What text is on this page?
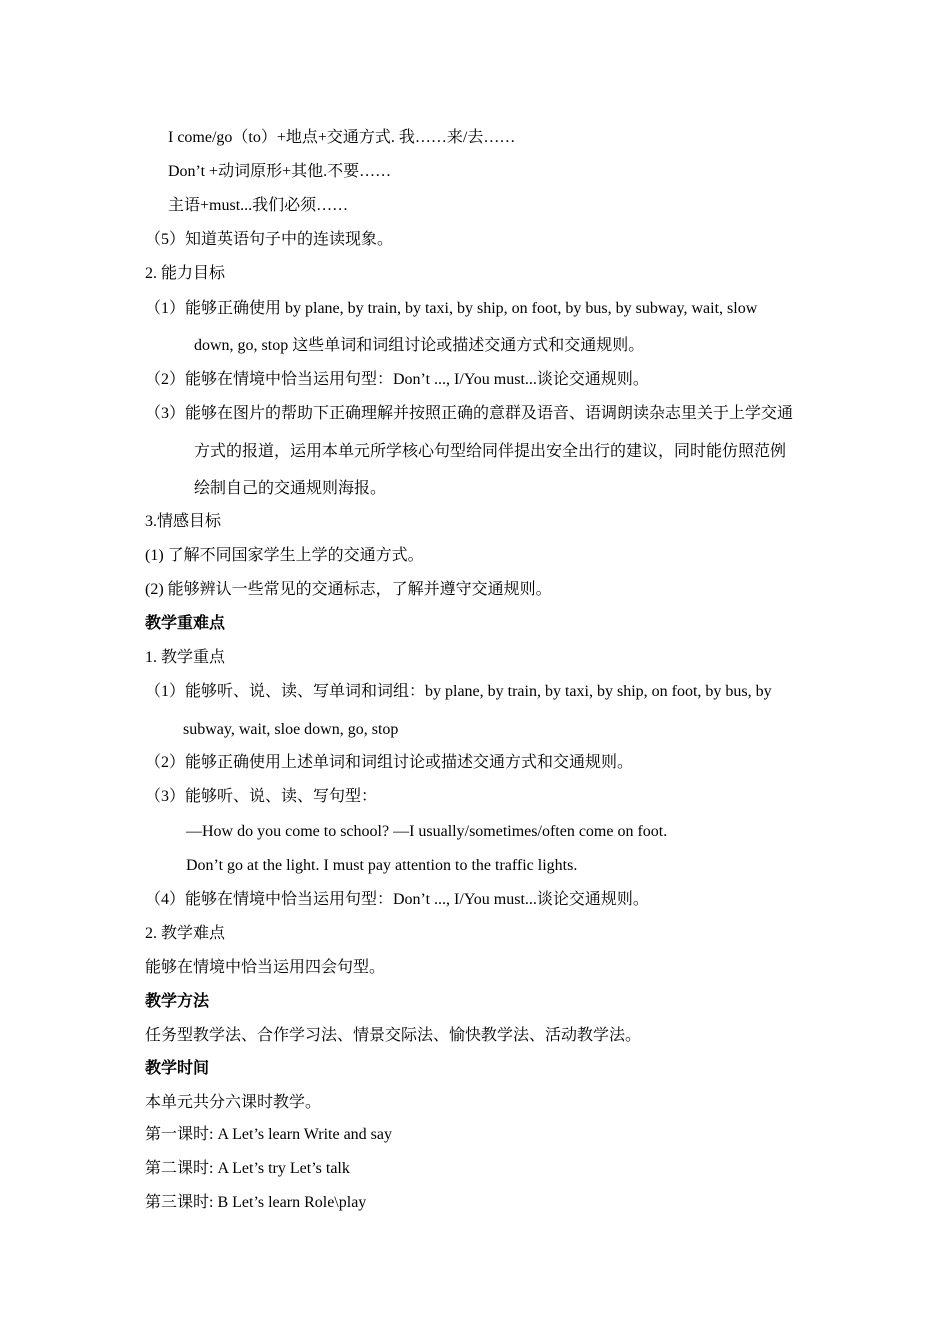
I come/go（to）+地点+交通方式. 我……来/去……
Don’t +动词原形+其他.不要……
主语+must...我们必须……
（5）知道英语句子中的连读现象。
2. 能力目标
（1）能够正确使用 by plane, by train, by taxi, by ship, on foot, by bus, by subway, wait, slow
down, go, stop 这些单词和词组讨论或描述交通方式和交通规则。
（2）能够在情境中恰当运用句型：Don’t ..., I/You must...谈论交通规则。
（3）能够在图片的帮助下正确理解并按照正确的意群及语音、语调朗读杂志里关于上学交通
方式的报道，运用本单元所学核心句型给同伴提出安全出行的建议，同时能仿照范例
绘制自己的交通规则海报。
3.情感目标
(1) 了解不同国家学生上学的交通方式。
(2) 能够辨认一些常见的交通标志，了解并遵守交通规则。
教学重难点
1. 教学重点
（1）能够听、说、读、写单词和词组：by plane, by train, by taxi, by ship, on foot, by bus, by
subway, wait, sloe down, go, stop
（2）能够正确使用上述单词和词组讨论或描述交通方式和交通规则。
（3）能够听、说、读、写句型：
—How do you come to school? —I usually/sometimes/often come on foot.
Don’t go at the light. I must pay attention to the traffic lights.
（4）能够在情境中恰当运用句型：Don’t ..., I/You must...谈论交通规则。
2. 教学难点
能够在情境中恰当运用四会句型。
教学方法
任务型教学法、合作学习法、情景交际法、愉快教学法、活动教学法。
教学时间
本单元共分六课时教学。
第一课时: A Let’s learn Write and say
第二课时: A Let’s try Let’s talk
第三课时: B Let’s learn Role\play
